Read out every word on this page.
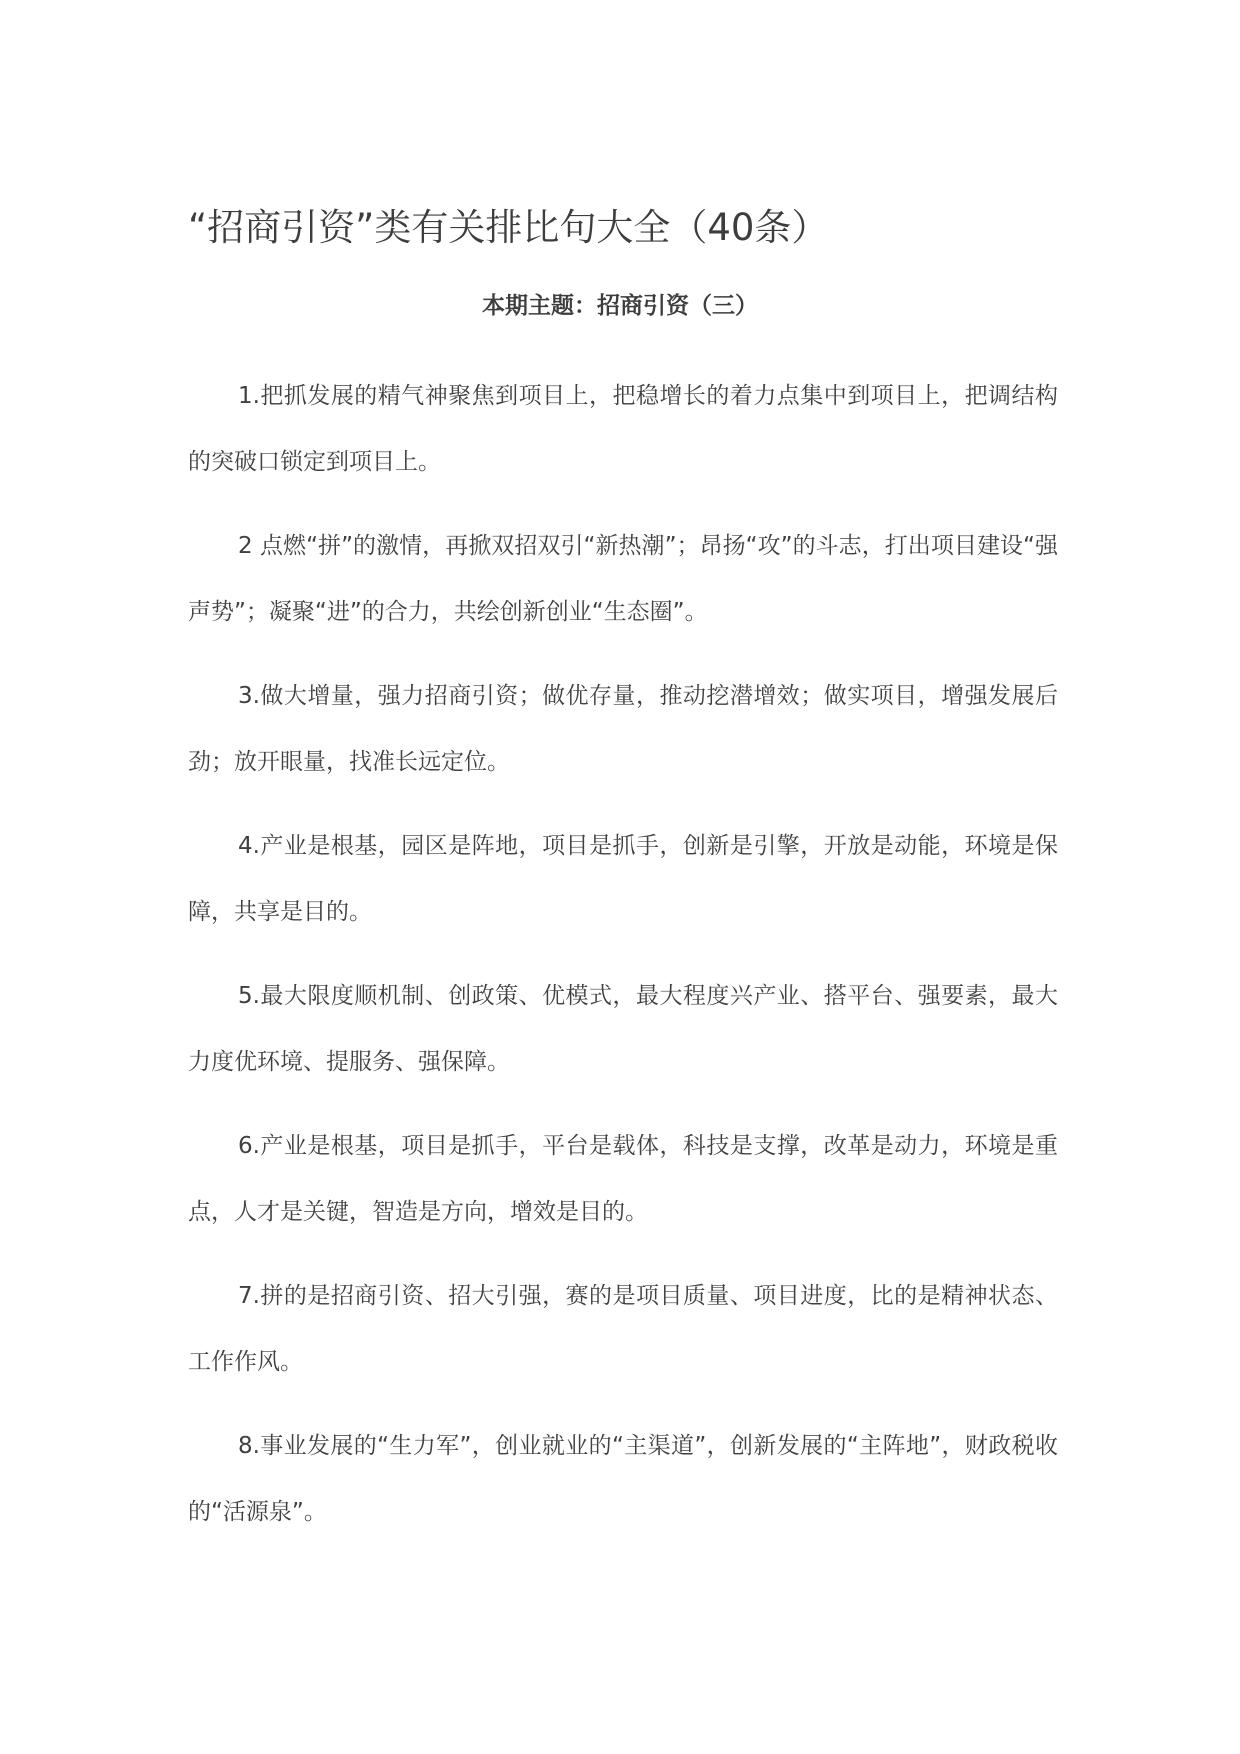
“招商引资”类有关排比句大全（40条）
本期主题：招商引资（三）

1.把抓发展的精气神聚焦到项目上，把稳增长的着力点集中到项目上，把调结构的突破口锁定到项目上。

2 点燃“拼”的激情，再掀双招双引“新热潮”；昂扬“攻”的斗志，打出项目建设“强声势”；凝聚“进”的合力，共绘创新创业“生态圈”。

3.做大增量，强力招商引资；做优存量，推动挖潜增效；做实项目，增强发展后劲；放开眼量，找准长远定位。

4.产业是根基，园区是阵地，项目是抓手，创新是引擎，开放是动能，环境是保障，共享是目的。

5.最大限度顺机制、创政策、优模式，最大程度兴产业、搭平台、强要素，最大力度优环境、提服务、强保障。

6.产业是根基，项目是抓手，平台是载体，科技是支撑，改革是动力，环境是重点，人才是关键，智造是方向，增效是目的。

7.拼的是招商引资、招大引强，赛的是项目质量、项目进度，比的是精神状态、工作作风。

8.事业发展的“生力军”，创业就业的“主渠道”，创新发展的“主阵地”，财政税收的“活源泉”。
